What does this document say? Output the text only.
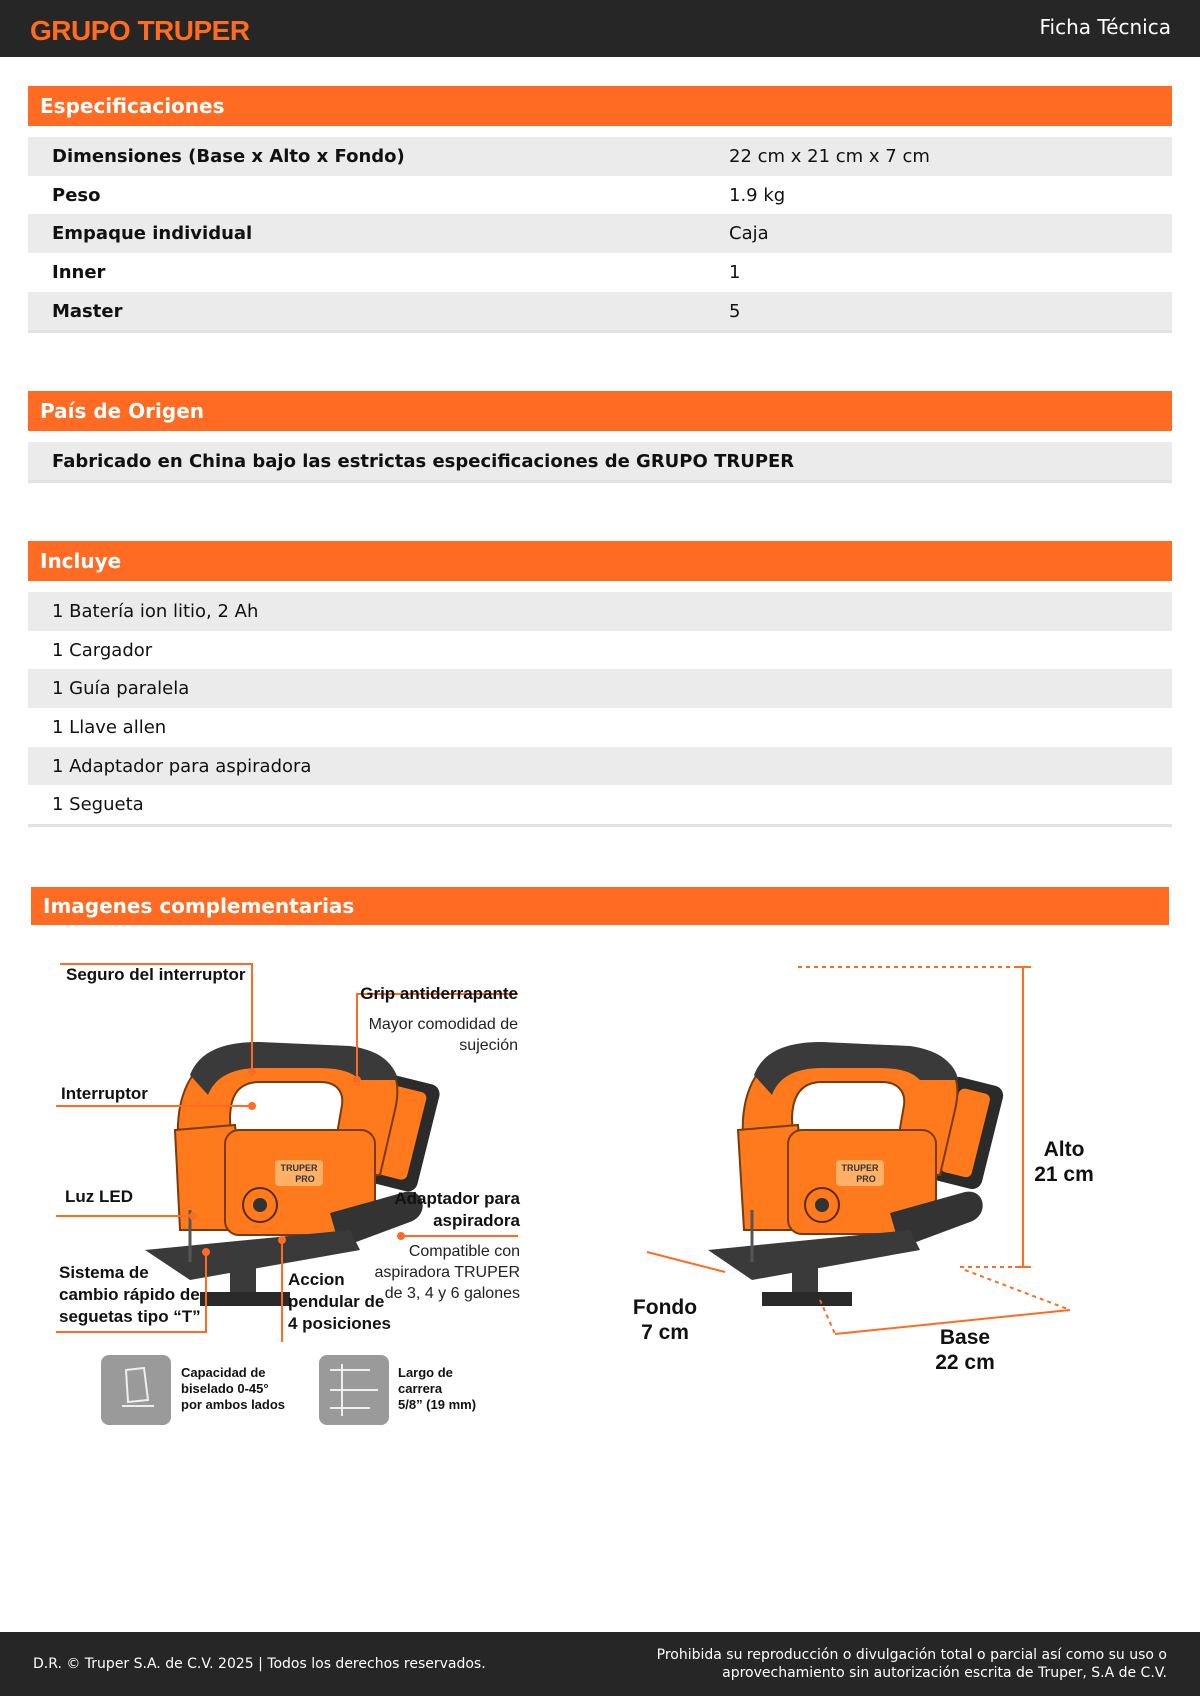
GRUPO TRUPER	Ficha Técnica
Especificaciones
Dimensiones (Base x Alto x Fondo)	22 cm x 21 cm x 7 cm
Peso	1.9 kg
Empaque individual	Caja
Inner	1
Master	5
País de Origen
Fabricado en China bajo las estrictas especificaciones de GRUPO TRUPER
Incluye
1 Batería ion litio, 2 Ah
1 Cargador
1 Guía paralela
1 Llave allen
1 Adaptador para aspiradora
1 Segueta
Imagenes complementarias
TRUPER
PRO
Seguro del interruptor
Grip antiderrapante
Interruptor
Luz LED	Adaptador para
aspiradora
Sistema de
cambio rápido de
seguetas tipo “T”
Accion
pendular de
4 posiciones
Mayor comodidad de
sujeción
Compatible con
aspiradora TRUPER
de 3, 4 y 6 galones
Capacidad de
biselado 0-45°
por ambos lados
Largo de
carrera
5/8” (19 mm)
TRUPER
PRO
Alto
21 cm
Fondo
7 cm	Base
22 cm
D.R. © Truper S.A. de C.V. 2025 | Todos los derechos reservados.
Prohibida su reproducción o divulgación total o parcial así como su uso o
aprovechamiento sin autorización escrita de Truper, S.A de C.V.
